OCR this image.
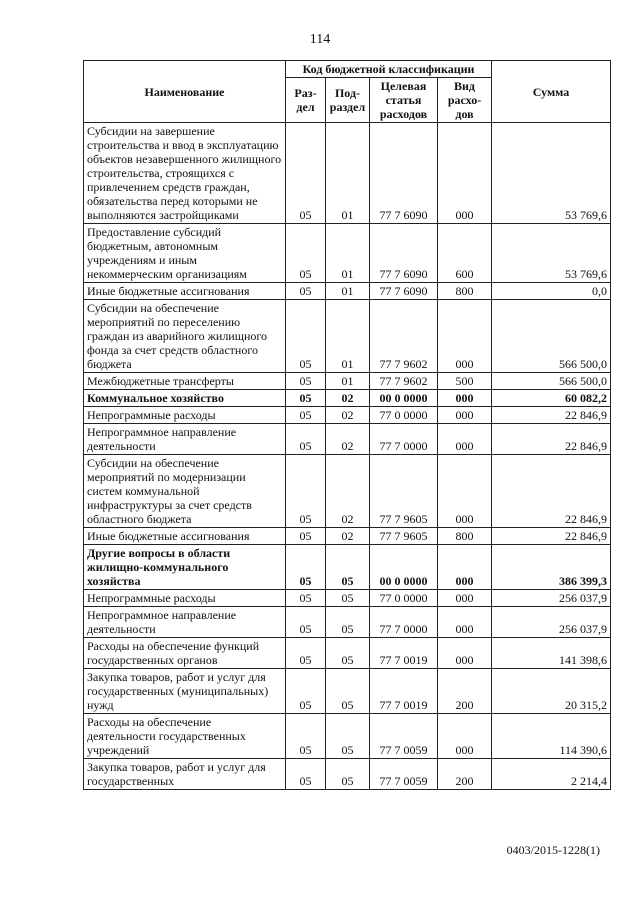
114
Наименование	Код бюджетной классификации				Сумма
	Раз-дел	Под-раздел	Целевая статья расходов	Вид расхо-дов	
Субсидии на завершение строительства и ввод в эксплуатацию объектов незавершенного жилищного строительства, строящихся с привлечением средств граждан, обязательства перед которыми не выполняются застройщиками	05	01	77 7 6090	000	53 769,6
Предоставление субсидий бюджетным, автономным учреждениям и иным некоммерческим организациям	05	01	77 7 6090	600	53 769,6
Иные бюджетные ассигнования	05	01	77 7 6090	800	0,0
Субсидии на обеспечение мероприятий по переселению граждан из аварийного жилищного фонда за счет средств областного бюджета	05	01	77 7 9602	000	566 500,0
Межбюджетные трансферты	05	01	77 7 9602	500	566 500,0
Коммунальное хозяйство	05	02	00 0 0000	000	60 082,2
Непрограммные расходы	05	02	77 0 0000	000	22 846,9
Непрограммное направление деятельности	05	02	77 7 0000	000	22 846,9
Субсидии на обеспечение мероприятий по модернизации систем коммунальной инфраструктуры за счет средств областного бюджета	05	02	77 7 9605	000	22 846,9
Иные бюджетные ассигнования	05	02	77 7 9605	800	22 846,9
Другие вопросы в области жилищно-коммунального хозяйства	05	05	00 0 0000	000	386 399,3
Непрограммные расходы	05	05	77 0 0000	000	256 037,9
Непрограммное направление деятельности	05	05	77 7 0000	000	256 037,9
Расходы на обеспечение функций государственных органов	05	05	77 7 0019	000	141 398,6
Закупка товаров, работ и услуг для государственных (муниципальных) нужд	05	05	77 7 0019	200	20 315,2
Расходы на обеспечение деятельности государственных учреждений	05	05	77 7 0059	000	114 390,6
Закупка товаров, работ и услуг для государственных	05	05	77 7 0059	200	2 214,4
0403/2015-1228(1)
